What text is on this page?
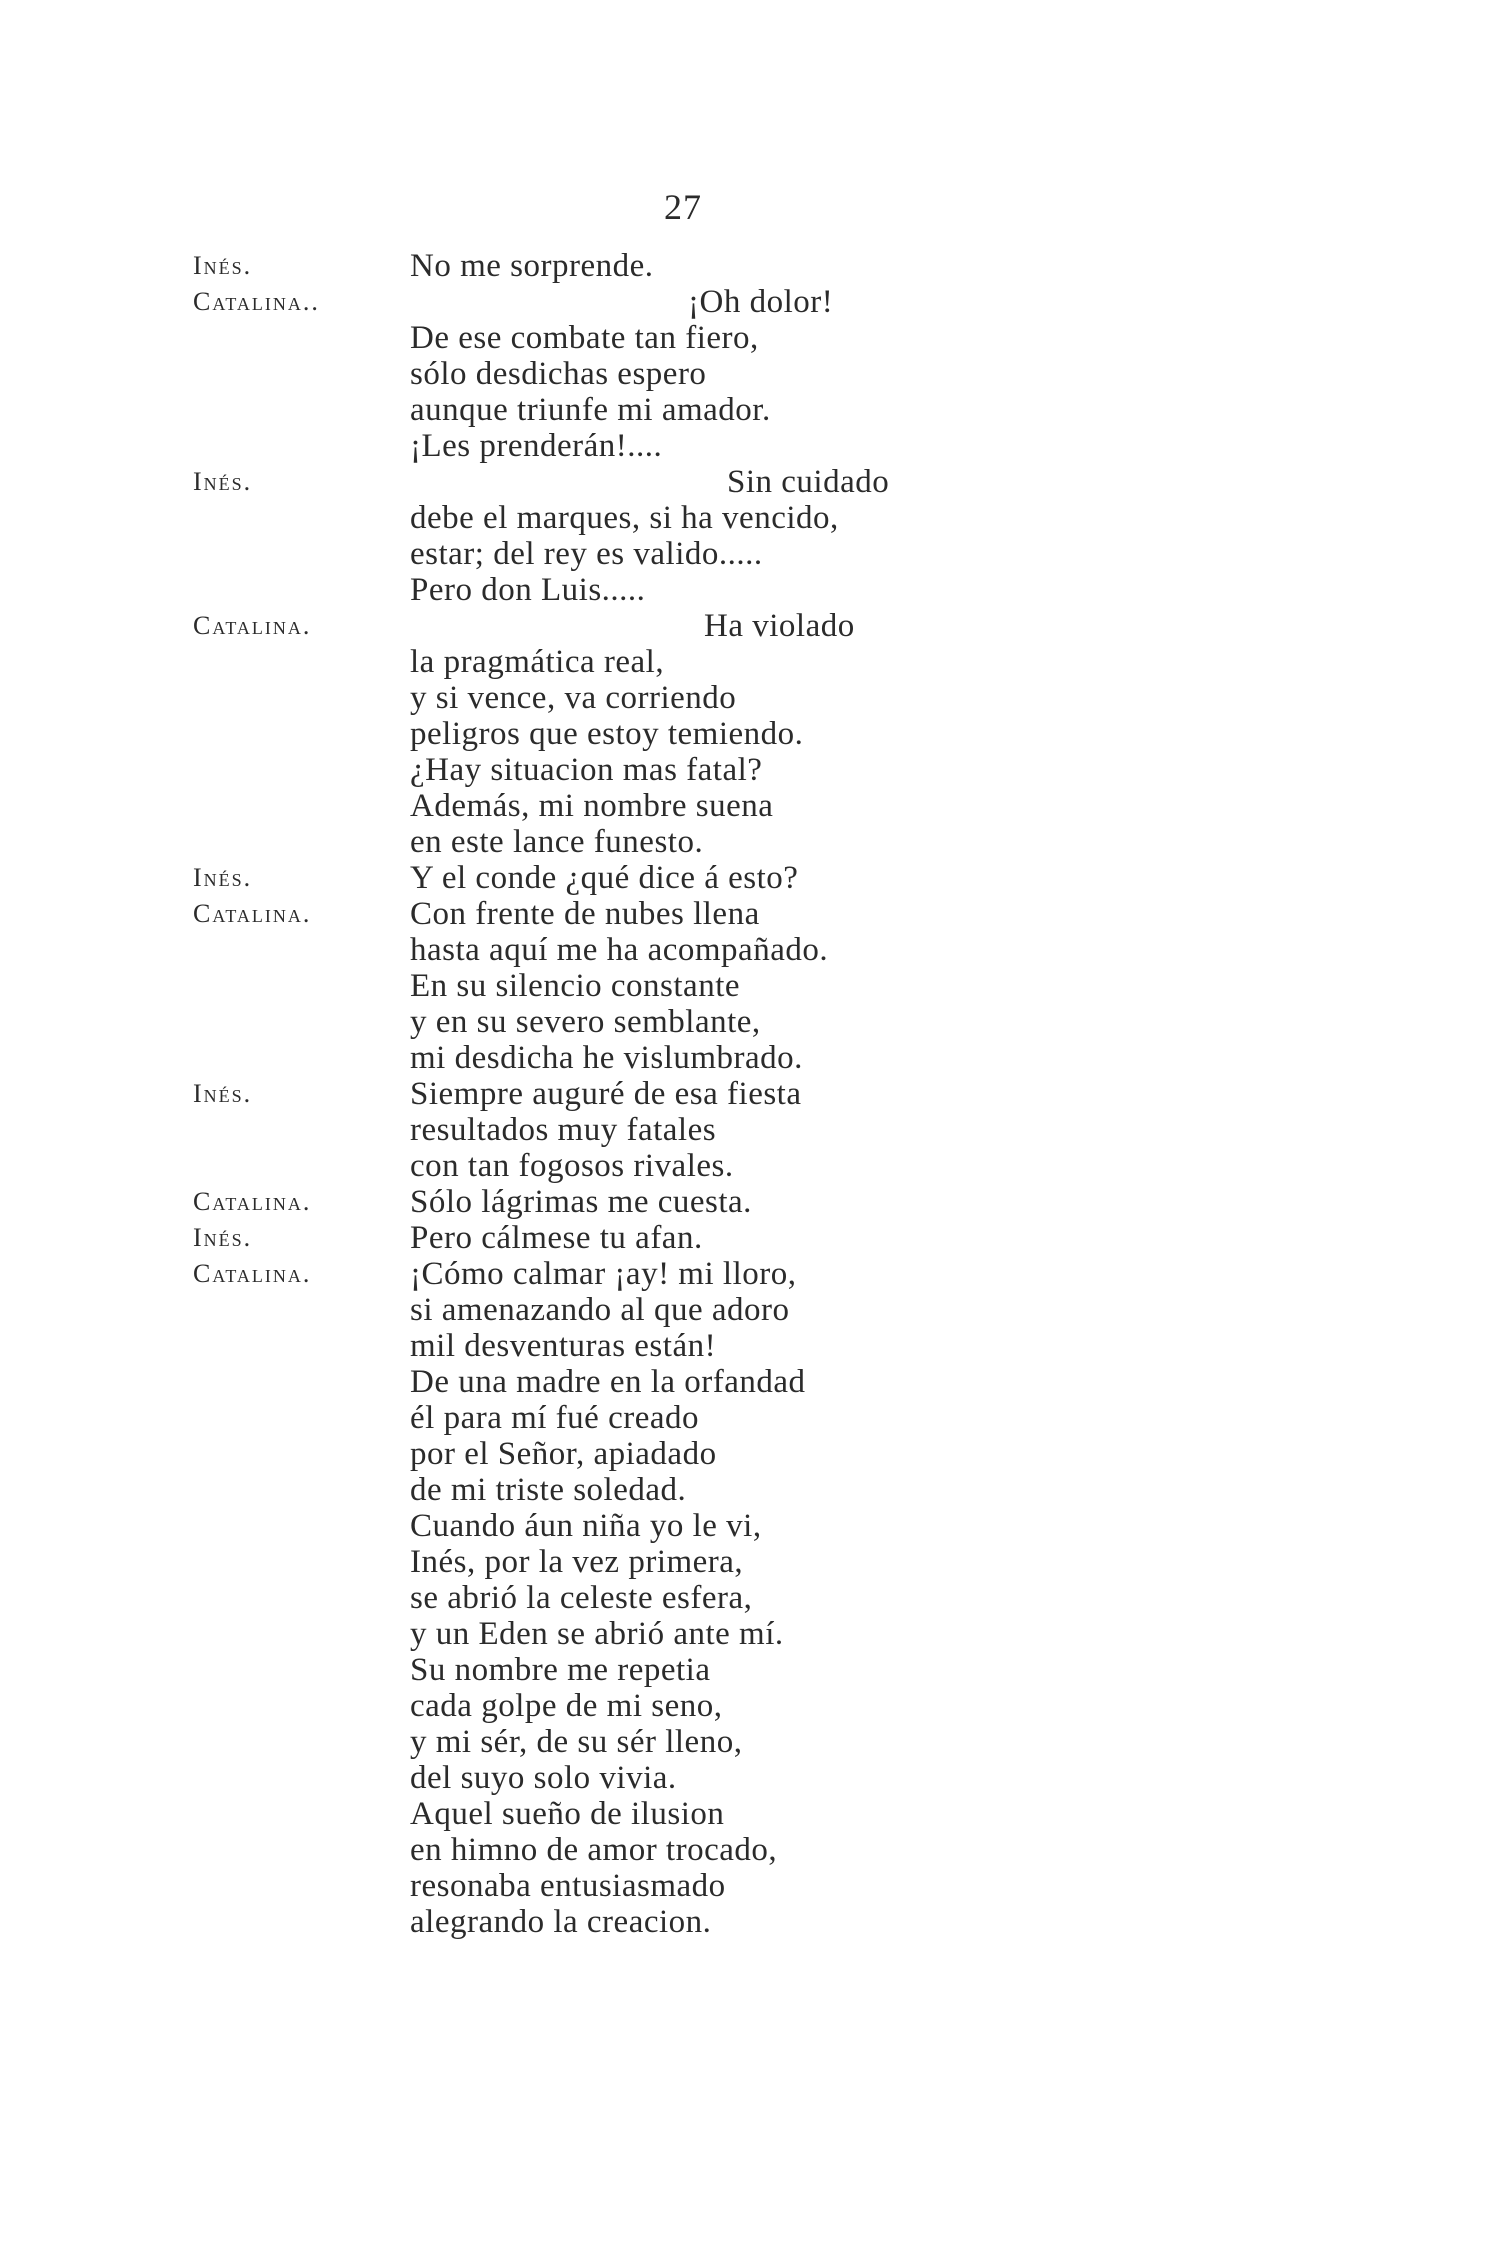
27
Inés.	No me sorprende.
Catalina..	¡Oh dolor!
De ese combate tan fiero,
sólo desdichas espero
aunque triunfe mi amador.
¡Les prenderán!....
Inés.	Sin cuidado
debe el marques, si ha vencido,
estar; del rey es valido.....
Pero don Luis.....
Catalina.	Ha violado
la pragmática real,
y si vence, va corriendo
peligros que estoy temiendo.
¿Hay situacion mas fatal?
Además, mi nombre suena
en este lance funesto.
Inés.	Y el conde ¿qué dice á esto?
Catalina.	Con frente de nubes llena
hasta aquí me ha acompañado.
En su silencio constante
y en su severo semblante,
mi desdicha he vislumbrado.
Inés.	Siempre auguré de esa fiesta
resultados muy fatales
con tan fogosos rivales.
Catalina.	Sólo lágrimas me cuesta.
Inés.	Pero cálmese tu afan.
Catalina.	¡Cómo calmar ¡ay! mi lloro,
si amenazando al que adoro
mil desventuras están!
De una madre en la orfandad
él para mí fué creado
por el Señor, apiadado
de mi triste soledad.
Cuando áun niña yo le vi,
Inés, por la vez primera,
se abrió la celeste esfera,
y un Eden se abrió ante mí.
Su nombre me repetia
cada golpe de mi seno,
y mi sér, de su sér lleno,
del suyo solo vivia.
Aquel sueño de ilusion
en himno de amor trocado,
resonaba entusiasmado
alegrando la creacion.
